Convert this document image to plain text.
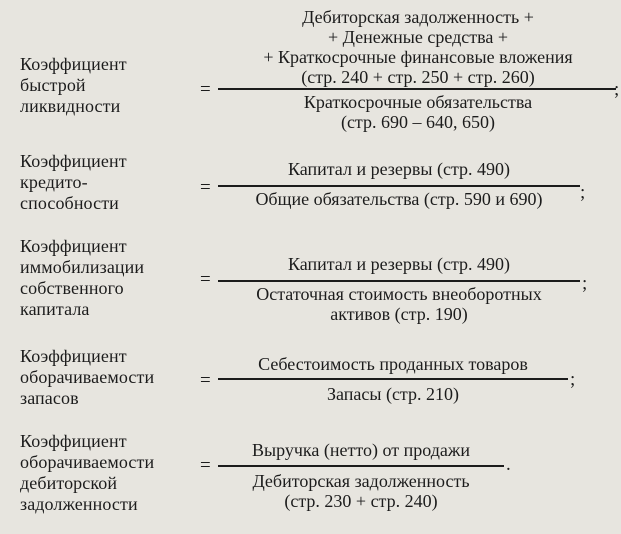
Коэффициент
быстрой
ликвидности
=
Дебиторская задолженность +
+ Денежные средства +
+ Краткосрочные финансовые вложения
(стр. 240 + стр. 250 + стр. 260)
Краткосрочные обязательства
(стр. 690 – 640, 650)
;
Коэффициент
кредито-
способности
=
Капитал и резервы (стр. 490)
Общие обязательства (стр. 590 и 690)	;
Коэффициент
иммобилизации
собственного
капитала
=
Капитал и резервы (стр. 490)
Остаточная стоимость внеоборотных
активов (стр. 190)
;
Коэффициент
оборачиваемости
запасов
=
Себестоимость проданных товаров
Запасы (стр. 210)
;
Коэффициент
оборачиваемости
дебиторской
задолженности
=
Выручка (нетто) от продажи
Дебиторская задолженность
(стр. 230 + стр. 240)
.
